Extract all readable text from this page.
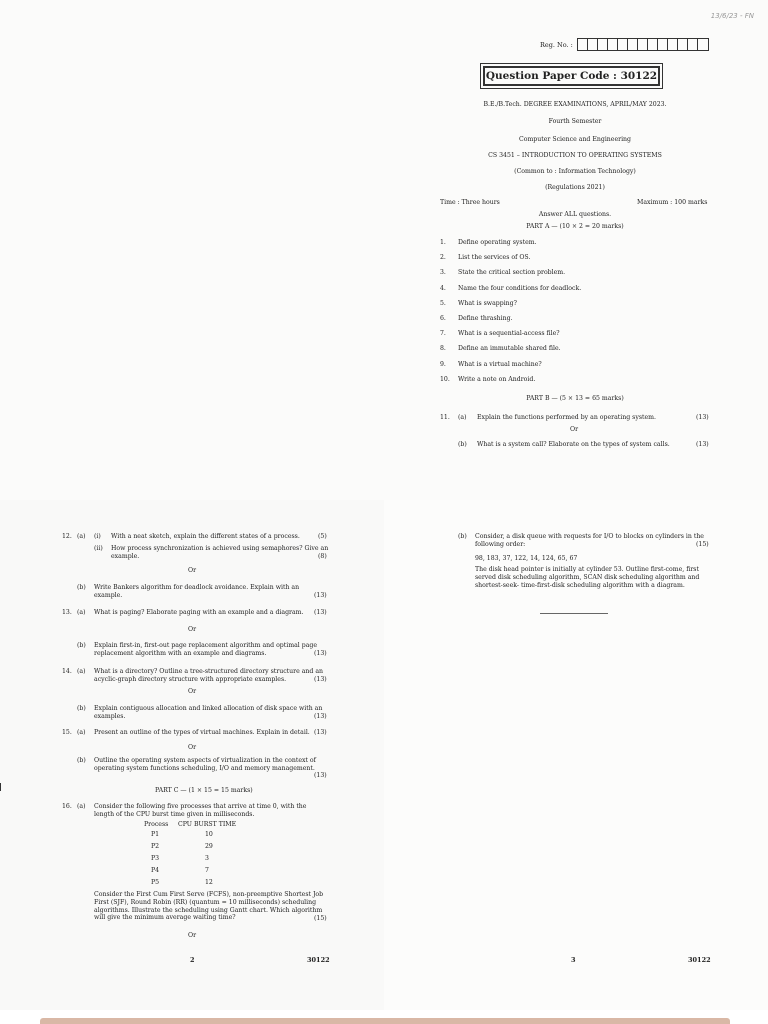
13/6/23 - FN
Reg. No. :
Question Paper Code : 30122
B.E./B.Tech. DEGREE EXAMINATIONS, APRIL/MAY 2023.
Fourth Semester
Computer Science and Engineering
CS 3451 – INTRODUCTION TO OPERATING SYSTEMS
(Common to : Information Technology)
(Regulations 2021)
Time : Three hours	Maximum : 100 marks
Answer ALL questions.
PART A — (10 × 2 = 20 marks)
1. Define operating system.
2. List the services of OS.
3. State the critical section problem.
4. Name the four conditions for deadlock.
5. What is swapping?
6. Define thrashing.
7. What is a sequential-access file?
8. Define an immutable shared file.
9. What is a virtual machine?
10. Write a note on Android.
PART B — (5 × 13 = 65 marks)
11. (a) Explain the functions performed by an operating system.	(13)
Or
(b) What is a system call? Elaborate on the types of system calls.	(13)
12. (a) (i) With a neat sketch, explain the different states of a process.	(5)
(ii) How process synchronization is achieved using semaphores? Give an example.	(8)
Or
(b) Write Bankers algorithm for deadlock avoidance. Explain with an example.	(13)
13. (a) What is paging? Elaborate paging with an example and a diagram. (13)
Or
(b) Explain first-in, first-out page replacement algorithm and optimal page replacement algorithm with an example and diagrams.	(13)
14. (a) What is a directory? Outline a tree-structured directory structure and an acyclic-graph directory structure with appropriate examples.	(13)
Or
(b) Explain contiguous allocation and linked allocation of disk space with an examples.	(13)
15. (a) Present an outline of the types of virtual machines. Explain in detail. (13)
Or
(b) Outline the operating system aspects of virtualization in the context of operating system functions scheduling, I/O and memory management.
(13)
PART C — (1 × 15 = 15 marks)
16. (a) Consider the following five processes that arrive at time 0, with the length of the CPU burst time given in milliseconds.
Process CPU BURST TIME
P1	10
P2	29
P3	3
P4	7
P5	12
Consider the First Cum First Serve (FCFS), non-preemptive Shortest Job First (SJF), Round Robin (RR) (quantum = 10 milliseconds) scheduling algorithms. Illustrate the scheduling using Gantt chart. Which algorithm will give the minimum average waiting time?	(15)
Or
2	30122
(b) Consider, a disk queue with requests for I/O to blocks on cylinders in the following order:	(15)
98, 183, 37, 122, 14, 124, 65, 67
The disk head pointer is initially at cylinder 53. Outline first-come, first served disk scheduling algorithm, SCAN disk scheduling algorithm and shortest-seek- time-first-disk scheduling algorithm with a diagram.
3	30122
